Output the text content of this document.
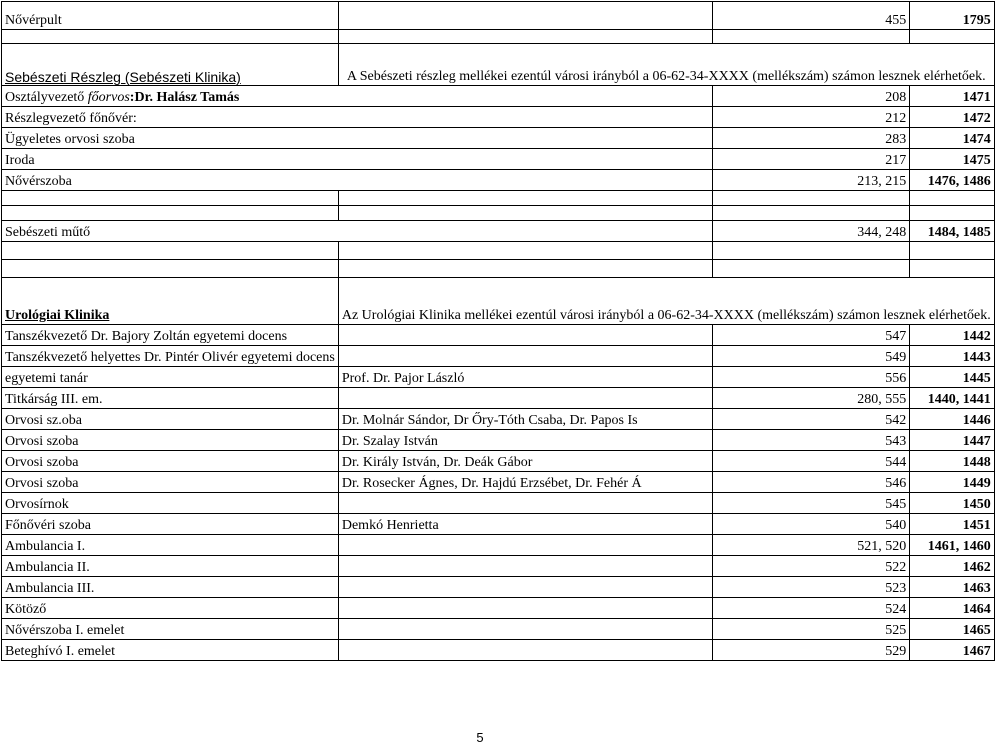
Nővérpult		455	1795

Sebészeti Részleg (Sebészeti Klinika)	A Sebészeti részleg mellékei ezentúl városi irányból a 06-62-34-XXXX (mellékszám) számon lesznek elérhetőek.		
Osztályvezető főorvos:Dr. Halász Tamás		208	1471
Részlegvezető főnővér:		212	1472
Ügyeletes orvosi szoba		283	1474
Iroda		217	1475
Nővérszoba		213, 215	1476, 1486

Sebészeti műtő		344, 248	1484, 1485

Urológiai Klinika	Az Urológiai Klinika mellékei ezentúl városi irányból a 06-62-34-XXXX (mellékszám) számon lesznek elérhetőek.		
Tanszékvezető Dr. Bajory Zoltán egyetemi docens		547	1442
Tanszékvezető helyettes Dr. Pintér Olivér egyetemi docens		549	1443
egyetemi tanár	Prof. Dr. Pajor László	556	1445
Titkárság III. em.		280, 555	1440, 1441
Orvosi sz.oba	Dr. Molnár Sándor, Dr Őry-Tóth Csaba, Dr. Papos Is	542	1446
Orvosi szoba	Dr. Szalay István	543	1447
Orvosi szoba	Dr. Király István, Dr. Deák Gábor	544	1448
Orvosi szoba	Dr. Rosecker Ágnes, Dr. Hajdú Erzsébet, Dr. Fehér Á	546	1449
Orvosírnok		545	1450
Főnővéri szoba	Demkó Henrietta	540	1451
Ambulancia I.		521, 520	1461, 1460
Ambulancia II.		522	1462
Ambulancia III.		523	1463
Kötöző		524	1464
Nővérszoba I. emelet		525	1465
Beteghívó I. emelet		529	1467
5
